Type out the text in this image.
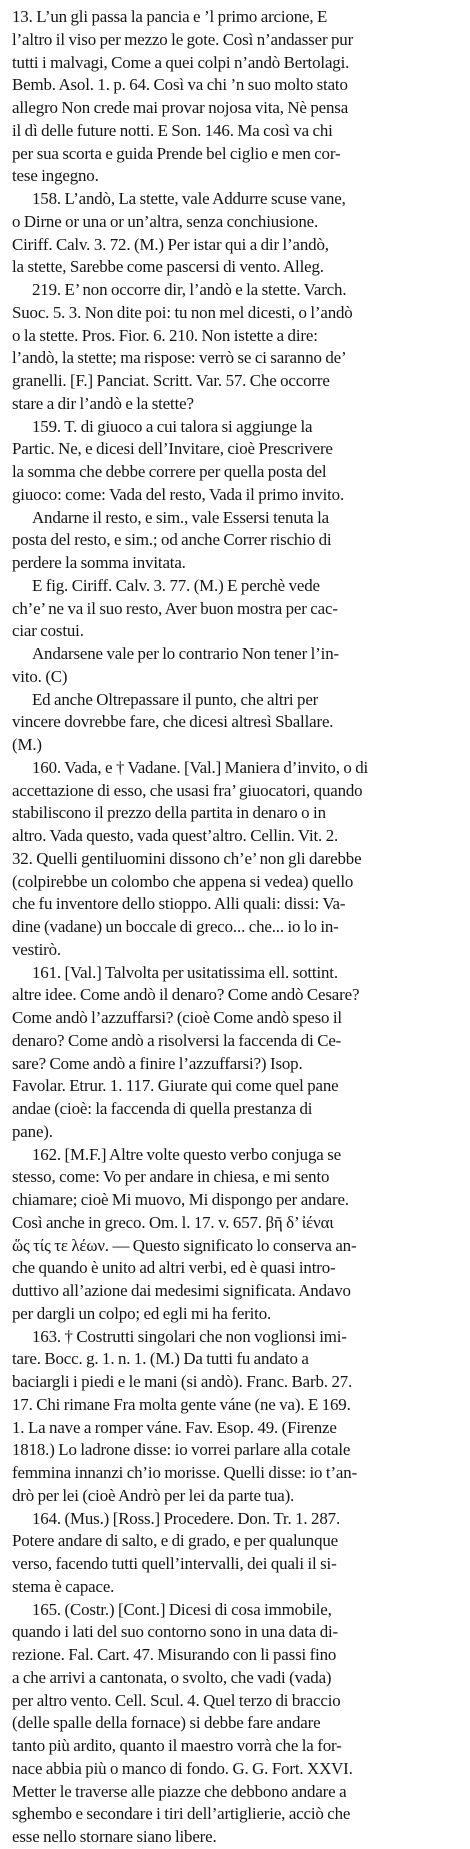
13. L’un gli passa la pancia e ’l primo arcione, E
l’altro il viso per mezzo le gote. Così n’andasser pur
tutti i malvagi, Come a quei colpi n’andò Bertolagi.
Bemb. Asol. 1. p. 64. Così va chi ’n suo molto stato
allegro Non crede mai provar nojosa vita, Nè pensa
il dì delle future notti. E Son. 146. Ma così va chi
per sua scorta e guida Prende bel ciglio e men cor-
tese ingegno.
158. L’andò, La stette, vale Addurre scuse vane,
o Dirne or una or un’altra, senza conchiusione.
Ciriff. Calv. 3. 72. (M.) Per istar qui a dir l’andò,
la stette, Sarebbe come pascersi di vento. Alleg.
219. E’ non occorre dir, l’andò e la stette. Varch.
Suoc. 5. 3. Non dite poi: tu non mel dicesti, o l’andò
o la stette. Pros. Fior. 6. 210. Non istette a dire:
l’andò, la stette; ma rispose: verrò se ci saranno de’
granelli. [F.] Panciat. Scritt. Var. 57. Che occorre
stare a dir l’andò e la stette?
159. T. di giuoco a cui talora si aggiunge la
Partic. Ne, e dicesi dell’Invitare, cioè Prescrivere
la somma che debbe correre per quella posta del
giuoco: come: Vada del resto, Vada il primo invito.
Andarne il resto, e sim., vale Essersi tenuta la
posta del resto, e sim.; od anche Correr rischio di
perdere la somma invitata.
E fig. Ciriff. Calv. 3. 77. (M.) E perchè vede
ch’e’ ne va il suo resto, Aver buon mostra per cac-
ciar costui.
Andarsene vale per lo contrario Non tener l’in-
vito. (C)
Ed anche Oltrepassare il punto, che altri per
vincere dovrebbe fare, che dicesi altresì Sballare.
(M.)
160. Vada, e † Vadane. [Val.] Maniera d’invito, o di
accettazione di esso, che usasi fra’ giuocatori, quando
stabiliscono il prezzo della partita in denaro o in
altro. Vada questo, vada quest’altro. Cellin. Vit. 2.
32. Quelli gentiluomini dissono ch’e’ non gli darebbe
(colpirebbe un colombo che appena si vedea) quello
che fu inventore dello stioppo. Alli quali: dissi: Va-
dine (vadane) un boccale di greco... che... io lo in-
vestirò.
161. [Val.] Talvolta per usitatissima ell. sottint.
altre idee. Come andò il denaro? Come andò Cesare?
Come andò l’azzuffarsi? (cioè Come andò speso il
denaro? Come andò a risolversi la faccenda di Ce-
sare? Come andò a finire l’azzuffarsi?) Isop.
Favolar. Etrur. 1. 117. Giurate qui come quel pane
andae (cioè: la faccenda di quella prestanza di
pane).
162. [M.F.] Altre volte questo verbo conjuga se
stesso, come: Vo per andare in chiesa, e mi sento
chiamare; cioè Mi muovo, Mi dispongo per andare.
Così anche in greco. Om. l. 17. v. 657. βῆ δ’ ἰέναι
ὥς τίς τε λέων. — Questo significato lo conserva an-
che quando è unito ad altri verbi, ed è quasi intro-
duttivo all’azione dai medesimi significata. Andavo
per dargli un colpo; ed egli mi ha ferito.
163. † Costrutti singolari che non voglionsi imi-
tare. Bocc. g. 1. n. 1. (M.) Da tutti fu andato a
baciargli i piedi e le mani (si andò). Franc. Barb. 27.
17. Chi rimane Fra molta gente váne (ne va). E 169.
1. La nave a romper váne. Fav. Esop. 49. (Firenze
1818.) Lo ladrone disse: io vorrei parlare alla cotale
femmina innanzi ch’io morisse. Quelli disse: io t’an-
drò per lei (cioè Andrò per lei da parte tua).
164. (Mus.) [Ross.] Procedere. Don. Tr. 1. 287.
Potere andare di salto, e di grado, e per qualunque
verso, facendo tutti quell’intervalli, dei quali il si-
stema è capace.
165. (Costr.) [Cont.] Dicesi di cosa immobile,
quando i lati del suo contorno sono in una data di-
rezione. Fal. Cart. 47. Misurando con li passi fino
a che arrivi a cantonata, o svolto, che vadi (vada)
per altro vento. Cell. Scul. 4. Quel terzo di braccio
(delle spalle della fornace) si debbe fare andare
tanto più ardito, quanto il maestro vorrà che la for-
nace abbia più o manco di fondo. G. G. Fort. XXVI.
Metter le traverse alle piazze che debbono andare a
sghembo e secondare i tiri dell’artiglierie, acciò che
esse nello stornare siano libere.
